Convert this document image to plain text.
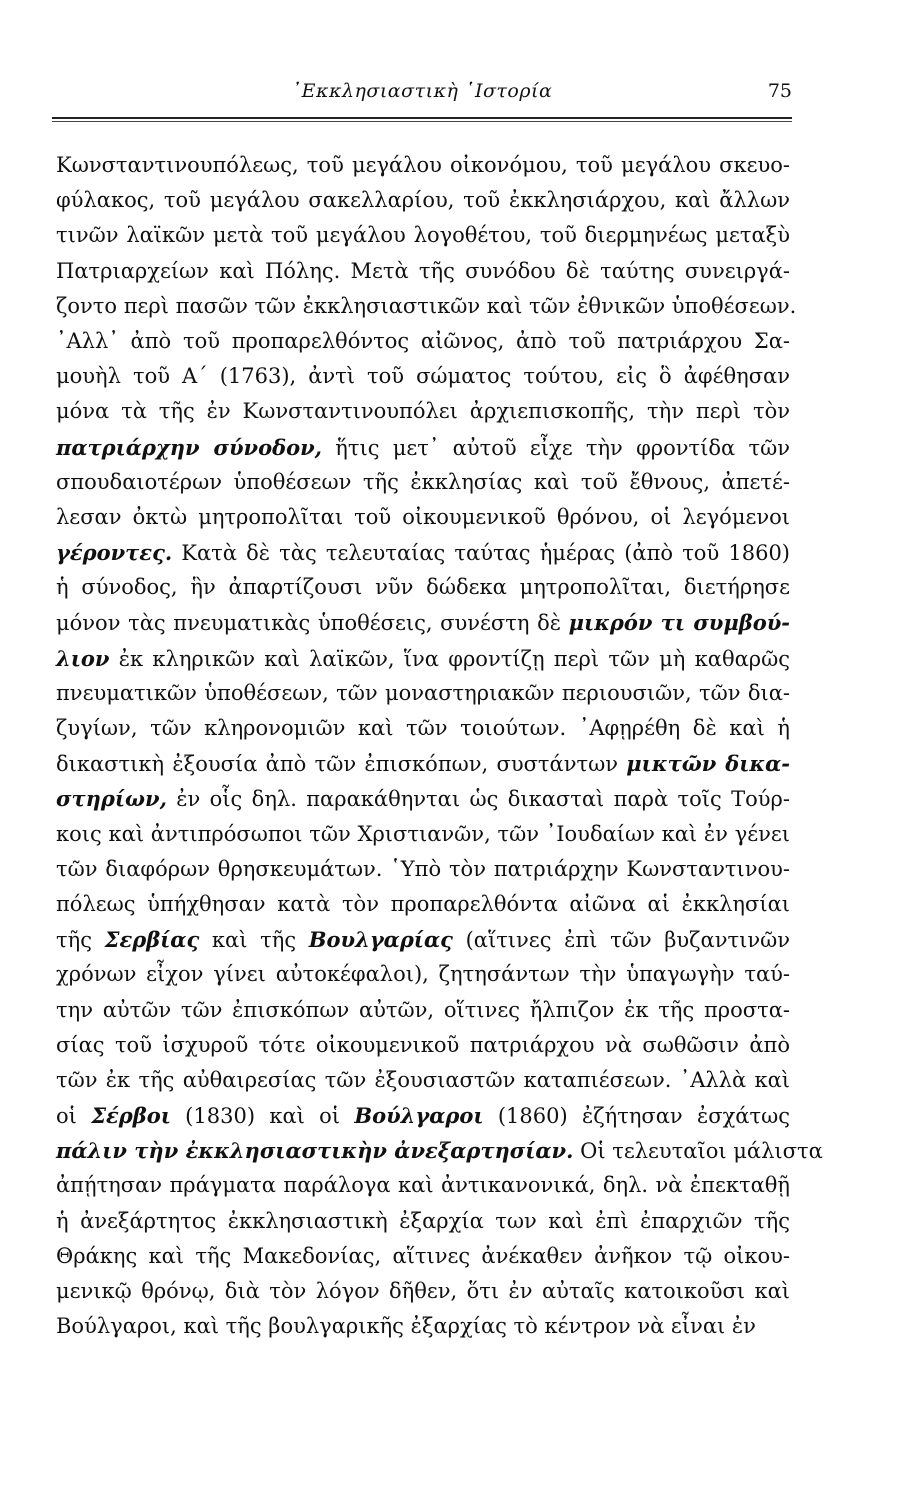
᾿Εκκλησιαστικὴ ῾Ιστορία	75
Κωνσταντινουπόλεως, τοῦ μεγάλου οἰκονόμου, τοῦ μεγάλου σκευο-
φύλακος, τοῦ μεγάλου σακελλαρίου, τοῦ ἐκκλησιάρχου, καὶ ἄλλων
τινῶν λαϊκῶν μετὰ τοῦ μεγάλου λογοθέτου, τοῦ διερμηνέως μεταξὺ
Πατριαρχείων καὶ Πόλης. Μετὰ τῆς συνόδου δὲ ταύτης συνειργά-
ζοντο περὶ πασῶν τῶν ἐκκλησιαστικῶν καὶ τῶν ἐθνικῶν ὑποθέσεων.
᾿Αλλ᾿ ἀπὸ τοῦ προπαρελθόντος αἰῶνος, ἀπὸ τοῦ πατριάρχου Σα-
μουὴλ τοῦ Α΄ (1763), ἀντὶ τοῦ σώματος τούτου, εἰς ὃ ἀφέθησαν
μόνα τὰ τῆς ἐν Κωνσταντινουπόλει ἀρχιεπισκοπῆς, τὴν περὶ τὸν
πατριάρχην σύνοδον, ἥτις μετ᾿ αὐτοῦ εἶχε τὴν φροντίδα τῶν
σπουδαιοτέρων ὑποθέσεων τῆς ἐκκλησίας καὶ τοῦ ἔθνους, ἀπετέ-
λεσαν ὀκτὼ μητροπολῖται τοῦ οἰκουμενικοῦ θρόνου, οἱ λεγόμενοι
γέροντες. Κατὰ δὲ τὰς τελευταίας ταύτας ἡμέρας (ἀπὸ τοῦ 1860)
ἡ σύνοδος, ἣν ἀπαρτίζουσι νῦν δώδεκα μητροπολῖται, διετήρησε
μόνον τὰς πνευματικὰς ὑποθέσεις, συνέστη δὲ μικρόν τι συμβού-
λιον ἐκ κληρικῶν καὶ λαϊκῶν, ἵνα φροντίζῃ περὶ τῶν μὴ καθαρῶς
πνευματικῶν ὑποθέσεων, τῶν μοναστηριακῶν περιουσιῶν, τῶν δια-
ζυγίων, τῶν κληρονομιῶν καὶ τῶν τοιούτων. ᾿Αφῃρέθη δὲ καὶ ἡ
δικαστικὴ ἐξουσία ἀπὸ τῶν ἐπισκόπων, συστάντων μικτῶν δικα-
στηρίων, ἐν οἷς δηλ. παρακάθηνται ὡς δικασταὶ παρὰ τοῖς Τούρ-
κοις καὶ ἀντιπρόσωποι τῶν Χριστιανῶν, τῶν ᾿Ιουδαίων καὶ ἐν γένει
τῶν διαφόρων θρησκευμάτων. ῾Υπὸ τὸν πατριάρχην Κωνσταντινου-
πόλεως ὑπήχθησαν κατὰ τὸν προπαρελθόντα αἰῶνα αἱ ἐκκλησίαι
τῆς Σερβίας καὶ τῆς Βουλγαρίας (αἵτινες ἐπὶ τῶν βυζαντινῶν
χρόνων εἶχον γίνει αὐτοκέφαλοι), ζητησάντων τὴν ὑπαγωγὴν ταύ-
την αὐτῶν τῶν ἐπισκόπων αὐτῶν, οἵτινες ἤλπιζον ἐκ τῆς προστα-
σίας τοῦ ἰσχυροῦ τότε οἰκουμενικοῦ πατριάρχου νὰ σωθῶσιν ἀπὸ
τῶν ἐκ τῆς αὐθαιρεσίας τῶν ἐξουσιαστῶν καταπιέσεων. ᾿Αλλὰ καὶ
οἱ Σέρβοι (1830) καὶ οἱ Βούλγαροι (1860) ἐζήτησαν ἐσχάτως
πάλιν τὴν ἐκκλησιαστικὴν ἀνεξαρτησίαν. Οἱ τελευταῖοι μάλιστα
ἀπῄτησαν πράγματα παράλογα καὶ ἀντικανονικά, δηλ. νὰ ἐπεκταθῇ
ἡ ἀνεξάρτητος ἐκκλησιαστικὴ ἐξαρχία των καὶ ἐπὶ ἐπαρχιῶν τῆς
Θράκης καὶ τῆς Μακεδονίας, αἵτινες ἀνέκαθεν ἀνῆκον τῷ οἰκου-
μενικῷ θρόνῳ, διὰ τὸν λόγον δῆθεν, ὅτι ἐν αὐταῖς κατοικοῦσι καὶ
Βούλγαροι, καὶ τῆς βουλγαρικῆς ἐξαρχίας τὸ κέντρον νὰ εἶναι ἐν
